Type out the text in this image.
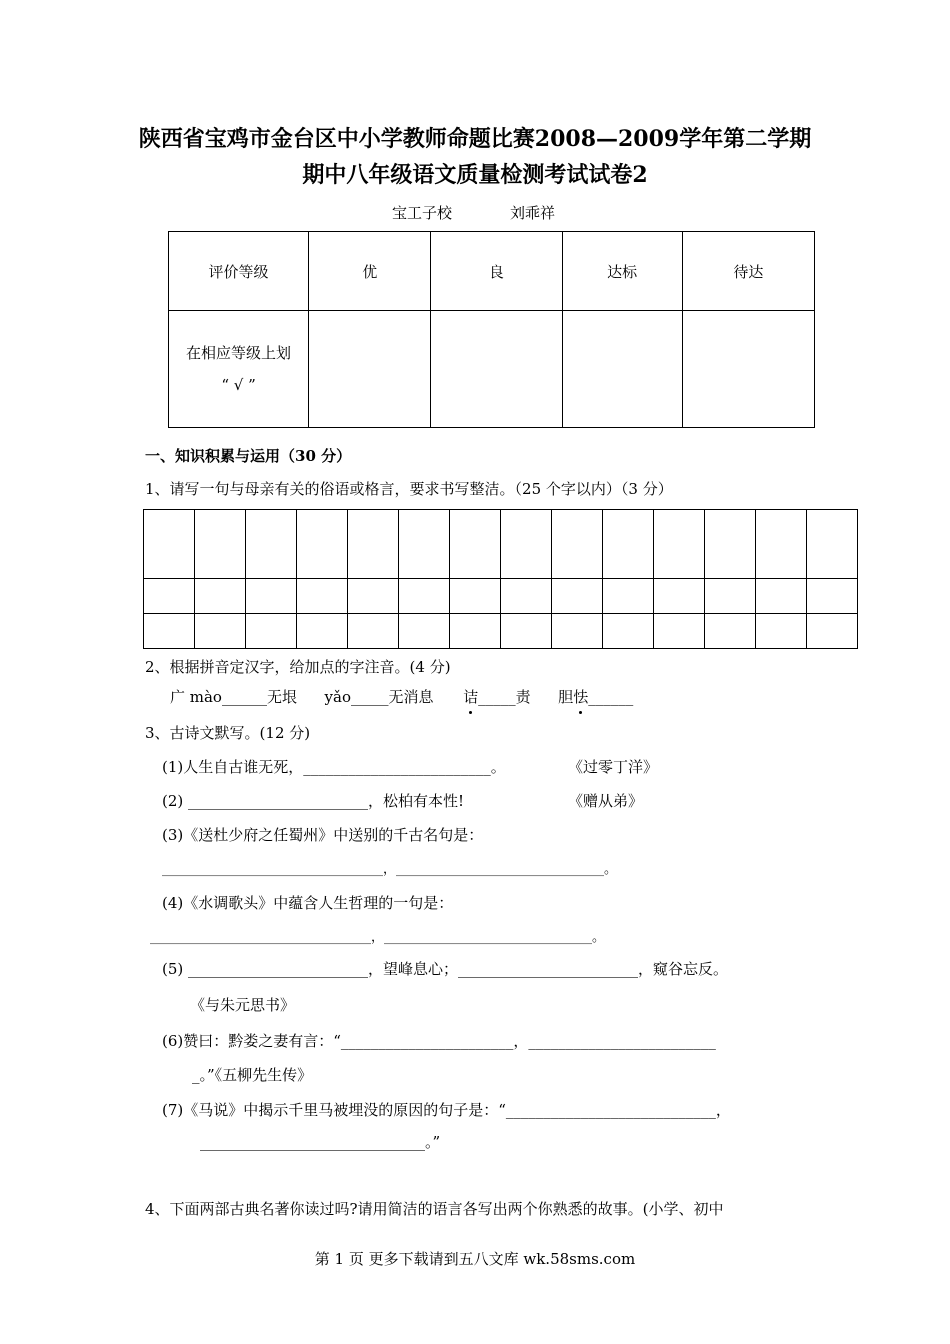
陕西省宝鸡市金台区中小学教师命题比赛2008—2009学年第二学期
期中八年级语文质量检测考试试卷2
宝工子校	刘乖祥
评价等级	优	良	达标	待达

在相应等级上划
“ √ ”				

一、知识积累与运用（30 分）
1、请写一句与母亲有关的俗语或格言，要求书写整洁。（25 个字以内）（3 分）

2、根据拼音定汉字，给加点的字注音。(4 分)
广 mào______无垠 yǎo_____无消息 诘_____责 胆怯______
3、古诗文默写。(12 分)
(1)人生自古谁无死，_________________________。	《过零丁洋》
(2) ________________________，松柏有本性!	《赠从弟》
(3)《送杜少府之任蜀州》中送别的千古名句是：
__________________________________，________________________________。
(4)《水调歌头》中蕴含人生哲理的一句是：
__________________________________，________________________________。
(5) ________________________，望峰息心；________________________，窥谷忘反。
《与朱元思书》
(6)赞曰：黔娄之妻有言：“_______________________，_________________________
_。”《五柳先生传》
(7)《马说》中揭示千里马被埋没的原因的句子是：“____________________________，
______________________________。”
4、下面两部古典名著你读过吗?请用简洁的语言各写出两个你熟悉的故事。(小学、初中
第 1 页 更多下载请到五八文库 wk.58sms.com
